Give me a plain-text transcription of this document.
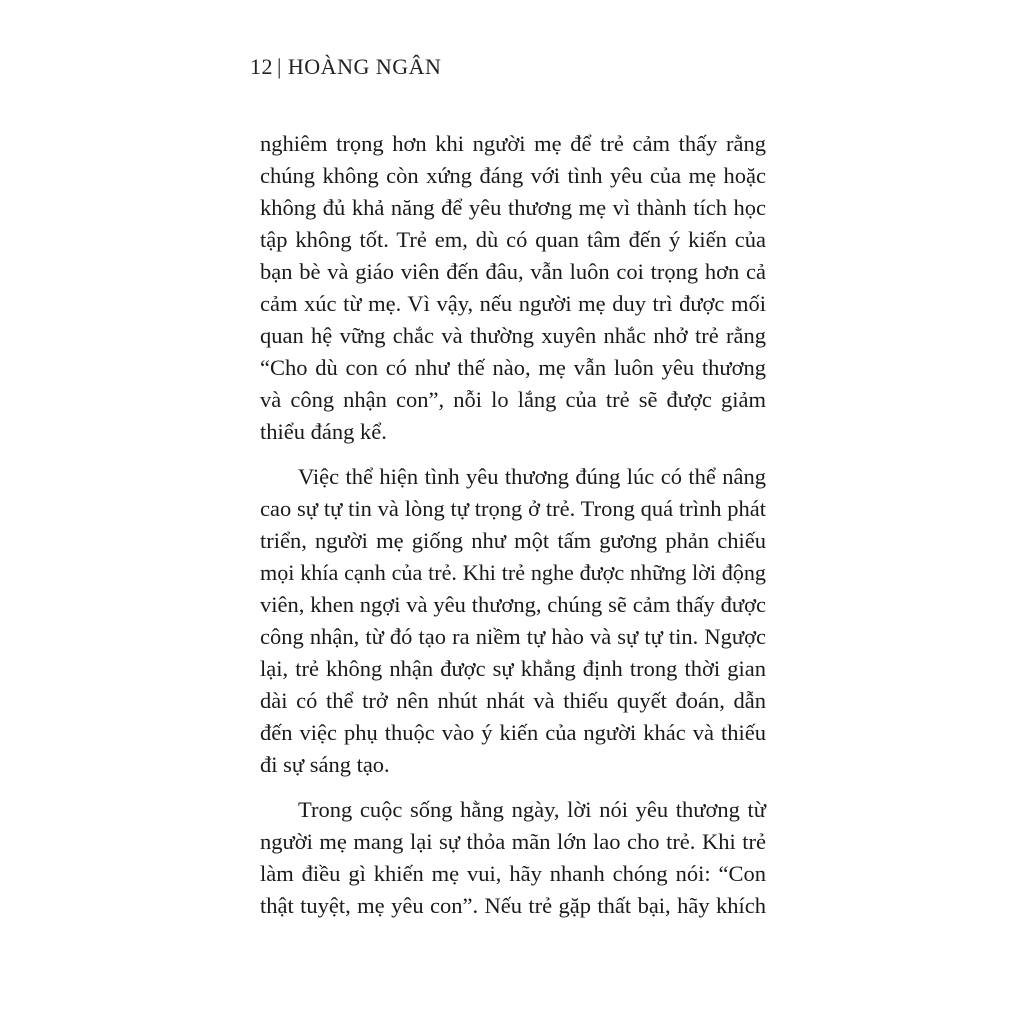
12 | HOÀNG NGÂN
nghiêm trọng hơn khi người mẹ để trẻ cảm thấy rằng
chúng không còn xứng đáng với tình yêu của mẹ hoặc
không đủ khả năng để yêu thương mẹ vì thành tích học
tập không tốt. Trẻ em, dù có quan tâm đến ý kiến của
bạn bè và giáo viên đến đâu, vẫn luôn coi trọng hơn cả
cảm xúc từ mẹ. Vì vậy, nếu người mẹ duy trì được mối
quan hệ vững chắc và thường xuyên nhắc nhở trẻ rằng
“Cho dù con có như thế nào, mẹ vẫn luôn yêu thương
và công nhận con”, nỗi lo lắng của trẻ sẽ được giảm
thiểu đáng kể.
Việc thể hiện tình yêu thương đúng lúc có thể nâng
cao sự tự tin và lòng tự trọng ở trẻ. Trong quá trình phát
triển, người mẹ giống như một tấm gương phản chiếu
mọi khía cạnh của trẻ. Khi trẻ nghe được những lời động
viên, khen ngợi và yêu thương, chúng sẽ cảm thấy được
công nhận, từ đó tạo ra niềm tự hào và sự tự tin. Ngược
lại, trẻ không nhận được sự khẳng định trong thời gian
dài có thể trở nên nhút nhát và thiếu quyết đoán, dẫn
đến việc phụ thuộc vào ý kiến của người khác và thiếu
đi sự sáng tạo.
Trong cuộc sống hằng ngày, lời nói yêu thương từ
người mẹ mang lại sự thỏa mãn lớn lao cho trẻ. Khi trẻ
làm điều gì khiến mẹ vui, hãy nhanh chóng nói: “Con
thật tuyệt, mẹ yêu con”. Nếu trẻ gặp thất bại, hãy khích
